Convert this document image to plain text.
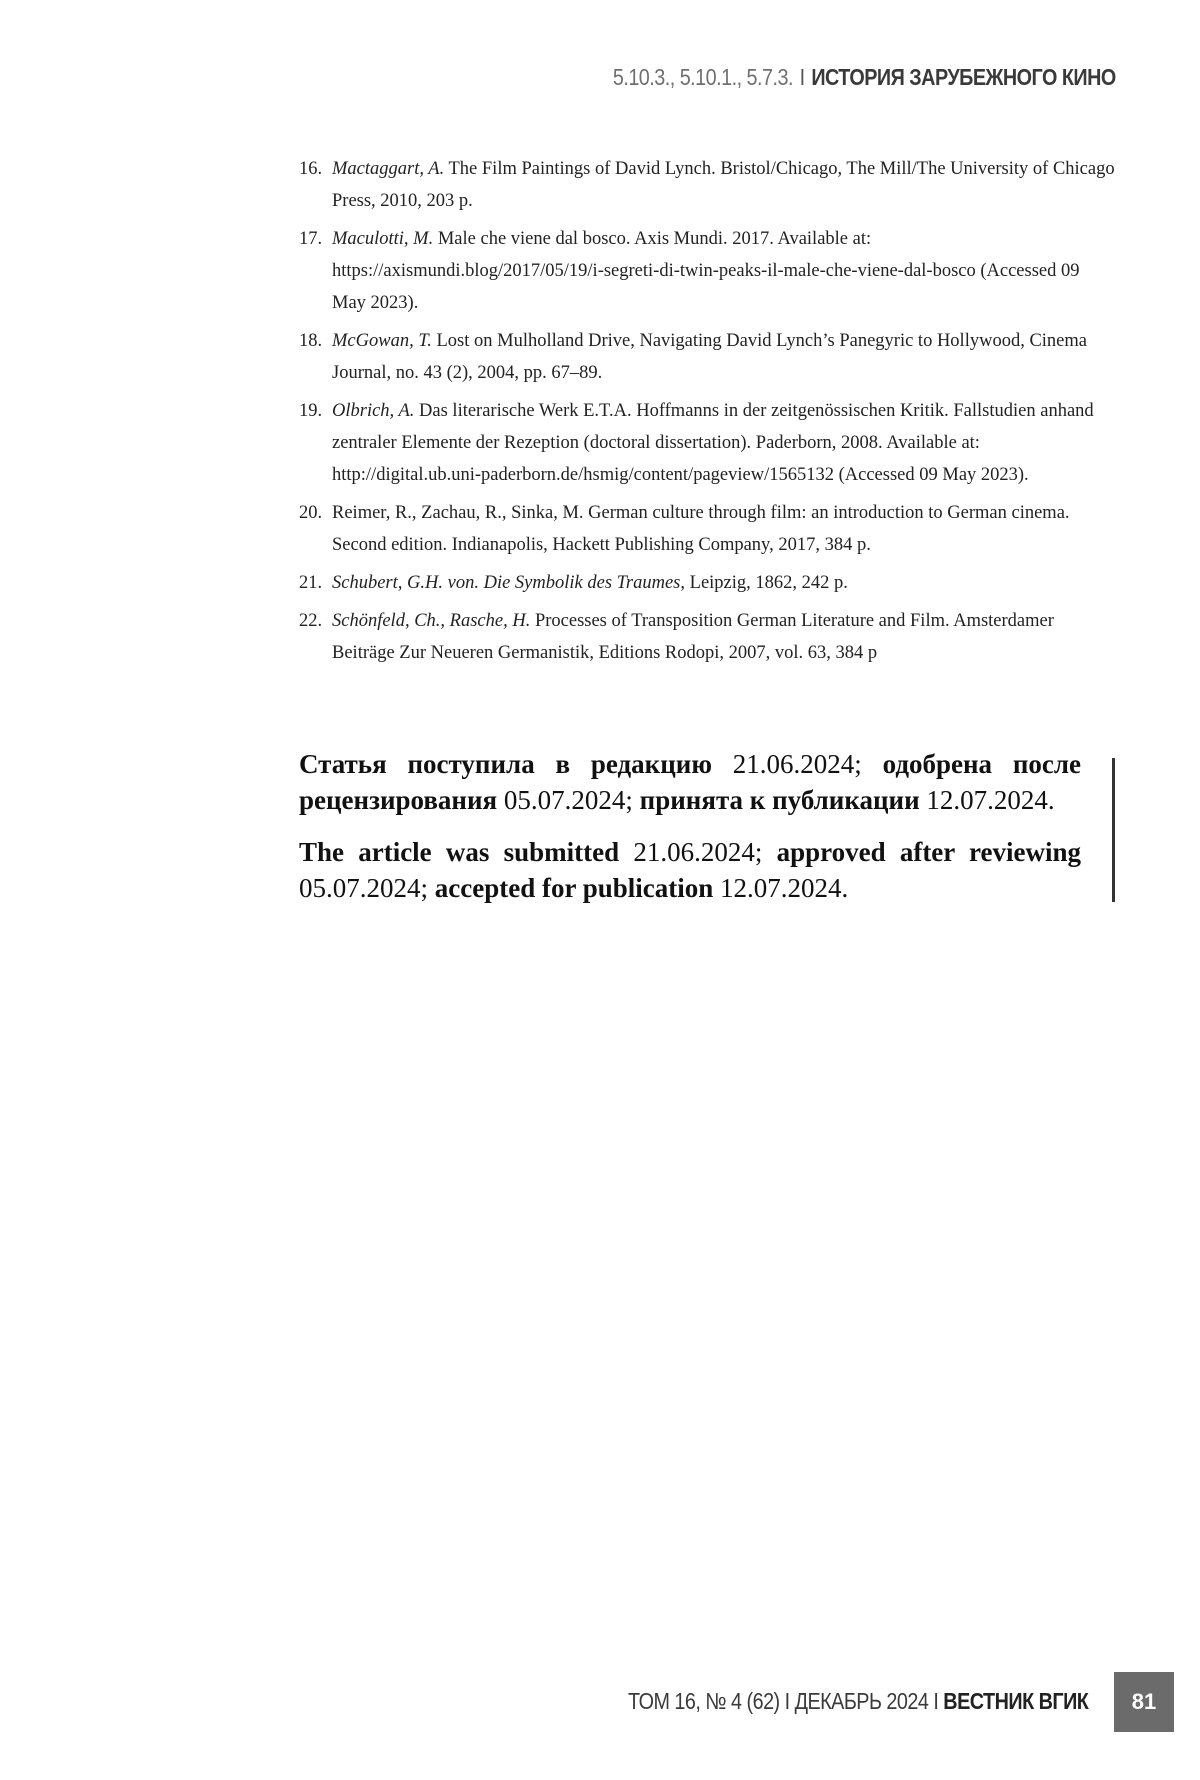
5.10.3., 5.10.1., 5.7.3. I ИСТОРИЯ ЗАРУБЕЖНОГО КИНО
16. Mactaggart, A. The Film Paintings of David Lynch. Bristol/Chicago, The Mill/The University of Chicago Press, 2010, 203 p.
17. Maculotti, M. Male che viene dal bosco. Axis Mundi. 2017. Available at: https://axismundi.blog/2017/05/19/i-segreti-di-twin-peaks-il-male-che-viene-dal-bosco (Accessed 09 May 2023).
18. McGowan, T. Lost on Mulholland Drive, Navigating David Lynch’s Panegyric to Hollywood, Cinema Journal, no. 43 (2), 2004, pp. 67–89.
19. Olbrich, A. Das literarische Werk E.T.A. Hoffmanns in der zeitgenössischen Kritik. Fallstudien anhand zentraler Elemente der Rezeption (doctoral dissertation). Paderborn, 2008. Available at: http://digital.ub.uni-paderborn.de/hsmig/content/pageview/1565132 (Accessed 09 May 2023).
20. Reimer, R., Zachau, R., Sinka, M. German culture through film: an introduction to German cinema. Second edition. Indianapolis, Hackett Publishing Company, 2017, 384 p.
21. Schubert, G.H. von. Die Symbolik des Traumes, Leipzig, 1862, 242 p.
22. Schönfeld, Ch., Rasche, H. Processes of Transposition German Literature and Film. Amsterdamer Beiträge Zur Neueren Germanistik, Editions Rodopi, 2007, vol. 63, 384 p

Статья поступила в редакцию 21.06.2024; одобрена после рецензирования 05.07.2024; принята к публикации 12.07.2024.

The article was submitted 21.06.2024; approved after reviewing 05.07.2024; accepted for publication 12.07.2024.

ТОМ 16, № 4 (62) I ДЕКАБРЬ 2024 I ВЕСТНИК ВГИК	81
